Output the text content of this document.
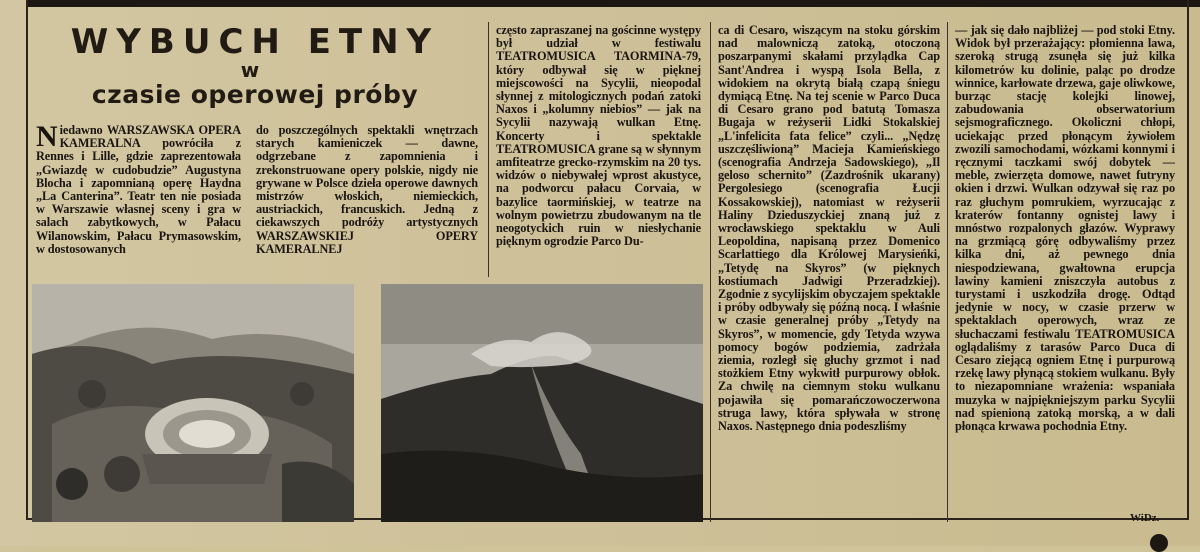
WYBUCH ETNY
w
czasie operowej próby

Niedawno WARSZAWSKA OPERA KAMERALNA powróciła z Rennes i Lille, gdzie zaprezentowała „Gwiazdę w cudobudzie” Augustyna Blocha i zapomnianą operę Haydna „La Canterina”. Teatr ten nie posiada w Warszawie własnej sceny i gra w salach zabytkowych, w Pałacu Wilanowskim, Pałacu Prymasowskim, w dostosowanych

do poszczególnych spektakli wnętrzach starych kamieniczek — dawne, odgrzebane z zapomnienia i zrekonstruowane opery polskie, nigdy nie grywane w Polsce dzieła operowe dawnych mistrzów włoskich, niemieckich, austriackich, francuskich. Jedną z ciekawszych podróży artystycznych WARSZAWSKIEJ OPERY KAMERALNEJ

często zapraszanej na gościnne występy był udział w festiwalu TEATROMUSICA TAORMINA-79, który odbywał się w pięknej miejscowości na Sycylii, nieopodal słynnej z mitologicznych podań zatoki Naxos i „kolumny niebios” — jak na Sycylii nazywają wulkan Etnę. Koncerty i spektakle TEATROMUSICA grane są w słynnym amfiteatrze grecko-rzymskim na 20 tys. widzów o niebywałej wprost akustyce, na podworcu pałacu Corvaia, w bazylice taormińskiej, w teatrze na wolnym powietrzu zbudowanym na tle neogotyckich ruin w niesłychanie pięknym ogrodzie Parco Du-

ca di Cesaro, wiszącym na stoku górskim nad malowniczą zatoką, otoczoną poszarpanymi skałami przylądka Cap Sant'Andrea i wyspą Isola Bella, z widokiem na okrytą białą czapą śniegu dymiącą Etnę. Na tej scenie w Parco Duca di Cesaro grano pod batutą Tomasza Bugaja w reżyserii Lidki Stokalskiej „L'infelicita fata felice” czyli... „Nędzę uszczęśliwioną” Macieja Kamieńskiego (scenografia Andrzeja Sadowskiego), „Il geloso schernito” (Zazdrośnik ukarany) Pergolesiego (scenografia Łucji Kossakowskiej), natomiast w reżyserii Haliny Dzieduszyckiej znaną już z wrocławskiego spektaklu w Auli Leopoldina, napisaną przez Domenico Scarlattiego dla Królowej Marysieńki, „Tetydę na Skyros” (w pięknych kostiumach Jadwigi Przeradzkiej). Zgodnie z sycylijskim obyczajem spektakle i próby odbywały się późną nocą. I właśnie w czasie generalnej próby „Tetydy na Skyros”, w momencie, gdy Tetyda wzywa pomocy bogów podziemia, zadrżała ziemia, rozległ się głuchy grzmot i nad stożkiem Etny wykwitł purpurowy obłok. Za chwilę na ciemnym stoku wulkanu pojawiła się pomarańczowoczerwona struga lawy, która spływała w stronę Naxos. Następnego dnia podeszliśmy

— jak się dało najbliżej — pod stoki Etny. Widok był przerażający: płomienna lawa, szeroką strugą zsunęła się już kilka kilometrów ku dolinie, paląc po drodze winnice, karłowate drzewa, gaje oliwkowe, burząc stację kolejki linowej, zabudowania obserwatorium sejsmograficznego. Okoliczni chłopi, uciekając przed płonącym żywiołem zwozili samochodami, wózkami konnymi i ręcznymi taczkami swój dobytek — meble, zwierzęta domowe, nawet futryny okien i drzwi. Wulkan odzywał się raz po raz głuchym pomrukiem, wyrzucając z kraterów fontanny ognistej lawy i mnóstwo rozpalonych głazów. Wyprawy na grzmiącą górę odbywaliśmy przez kilka dni, aż pewnego dnia niespodziewana, gwałtowna erupcja lawiny kamieni zniszczyła autobus z turystami i uszkodziła drogę. Odtąd jedynie w nocy, w czasie przerw w spektaklach operowych, wraz ze słuchaczami festiwalu TEATROMUSICA oglądaliśmy z tarasów Parco Duca di Cesaro ziejącą ogniem Etnę i purpurową rzekę lawy płynącą stokiem wulkanu. Były to niezapomniane wrażenia: wspaniała muzyka w najpiękniejszym parku Sycylii nad spienioną zatoką morską, a w dali płonąca krwawa pochodnia Etny.

WiDz.
